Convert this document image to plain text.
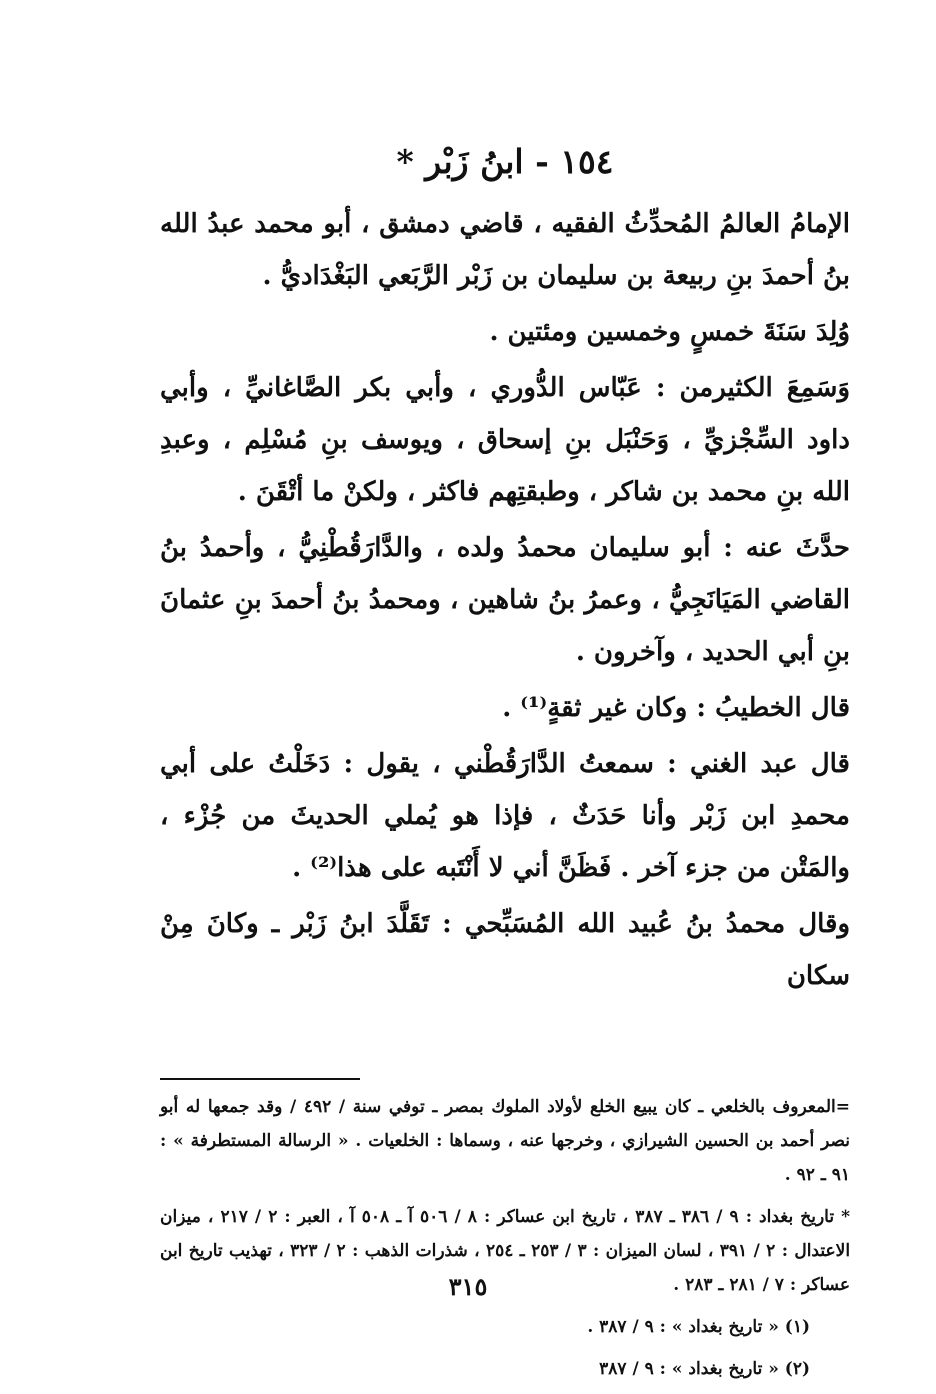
١٥٤ - ابنُ زَبْر *

الإمامُ العالمُ المُحدِّثُ الفقيه ، قاضي دمشق ، أبو محمد عبدُ الله بنُ أحمدَ بنِ ربيعة بن سليمان بن زَبْر الرَّبَعي البَغْدَاديُّ .

وُلِدَ سَنَةَ خمسٍ وخمسين ومئتين .

وَسَمِعَ الكثيرمن : عَبّاس الدُّوري ، وأبي بكر الصَّاغانيِّ ، وأبي داود السِّجْزيِّ ، وَحَنْبَل بنِ إسحاق ، ويوسف بنِ مُسْلِم ، وعبدِ الله بنِ محمد بن شاكر ، وطبقتِهم فاكثر ، ولكنْ ما أتْقَنَ .

حدَّثَ عنه : أبو سليمان محمدُ ولده ، والدَّارَقُطْنِيُّ ، وأحمدُ بنُ القاضي المَيَانَجِيُّ ، وعمرُ بنُ شاهين ، ومحمدُ بنُ أحمدَ بنِ عثمانَ بنِ أبي الحديد ، وآخرون .

قال الخطيبُ : وكان غير ثقةٍ⁽¹⁾ .

قال عبد الغني : سمعتُ الدَّارَقُطْني ، يقول : دَخَلْتُ على أبي محمدِ ابن زَبْر وأنا حَدَثٌ ، فإذا هو يُملي الحديثَ من جُزْء ، والمَتْن من جزء آخر . فَظَنَّ أني لا أَنْتَبه على هذا⁽²⁾ .

وقال محمدُ بنُ عُبيد الله المُسَبِّحي : تَقَلَّدَ ابنُ زَبْر ـ وكانَ مِنْ سكان

=المعروف بالخلعي ـ كان يبيع الخلع لأولاد الملوك بمصر ـ توفي سنة / ٤٩٢ / وقد جمعها له أبو نصر أحمد بن الحسين الشيرازي ، وخرجها عنه ، وسماها : الخلعيات . « الرسالة المستطرفة » : ٩١ ـ ٩٢ .

* تاريخ بغداد : ٩ / ٣٨٦ ـ ٣٨٧ ، تاريخ ابن عساكر : ٨ / ٥٠٦ آ ـ ٥٠٨ آ ، العبر : ٢ / ٢١٧ ، ميزان الاعتدال : ٢ / ٣٩١ ، لسان الميزان : ٣ / ٢٥٣ ـ ٢٥٤ ، شذرات الذهب : ٢ / ٣٢٣ ، تهذيب تاريخ ابن عساكر : ٧ / ٢٨١ ـ ٢٨٣ .

(١) « تاريخ بغداد » : ٩ / ٣٨٧ .

(٢) « تاريخ بغداد » : ٩ / ٣٨٧

٣١٥
